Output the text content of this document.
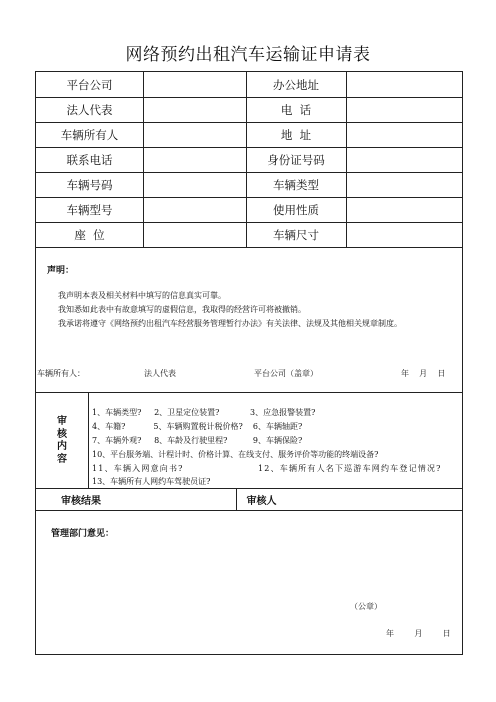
网络预约出租汽车运输证申请表
平台公司	办公地址
法人代表	电  话
车辆所有人	地  址
联系电话	身份证号码
车辆号码	车辆类型
车辆型号	使用性质
座  位	车辆尺寸
声明：
我声明本表及相关材料中填写的信息真实可靠。
我知悉如此表中有故意填写的虚假信息，我取得的经营许可将被撤销。
我承诺将遵守《网络预约出租汽车经营服务管理暂行办法》有关法律、法规及其他相关规章制度。
车辆所有人：	法人代表	平台公司（盖章）	年    月    日
审
核
内
容
1、车辆类型?     2、卫星定位装置?            3、应急报警装置?
4、车籍?           5、车辆购置税计税价格?    6、车辆轴距?
7、车辆外观?     8、车龄及行驶里程?          9、车辆保险?
10、平台服务端、计程计时、价格计算、在线支付、服务评价等功能的终端设备?
11、车辆入网意向书?	12、车辆所有人名下巡游车网约车登记情况?
13、车辆所有人网约车驾驶员证?
审核结果	审核人
管理部门意见：
（公章）
年        月        日
